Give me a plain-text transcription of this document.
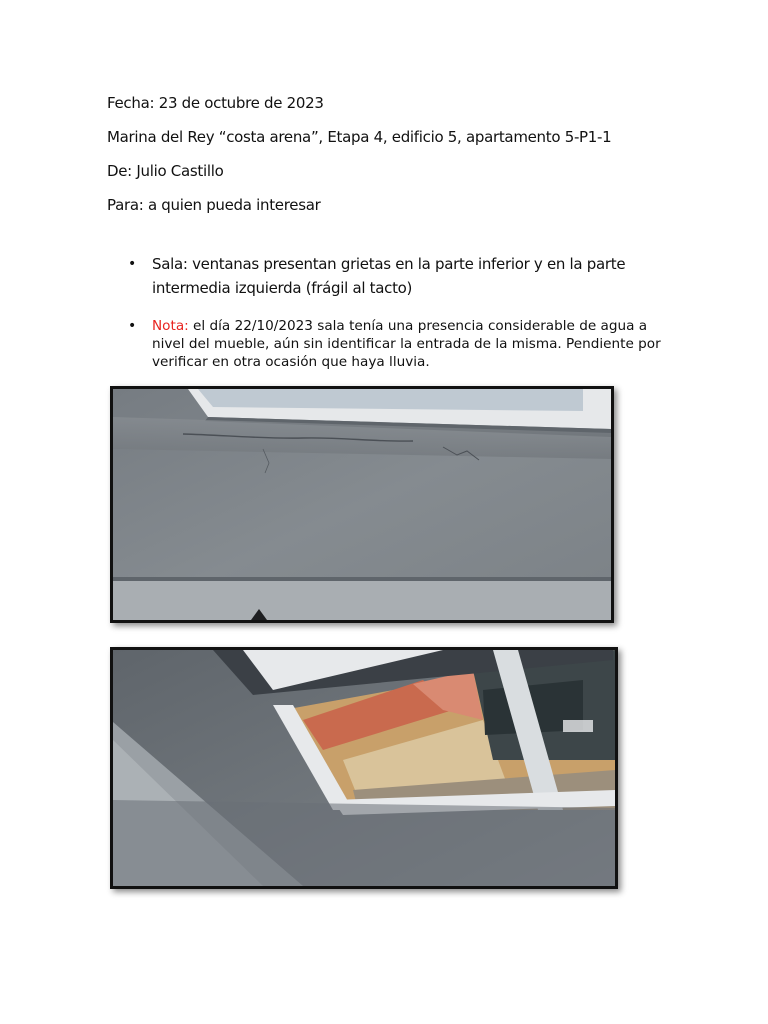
Fecha: 23 de octubre de 2023

Marina del Rey “costa arena”, Etapa 4, edificio 5, apartamento 5-P1-1

De: Julio Castillo

Para: a quien pueda interesar

• Sala: ventanas presentan grietas en la parte inferior y en la parte intermedia izquierda (frágil al tacto)

• Nota: el día 22/10/2023 sala tenía una presencia considerable de agua a nivel del mueble, aún sin identificar la entrada de la misma. Pendiente por verificar en otra ocasión que haya lluvia.
